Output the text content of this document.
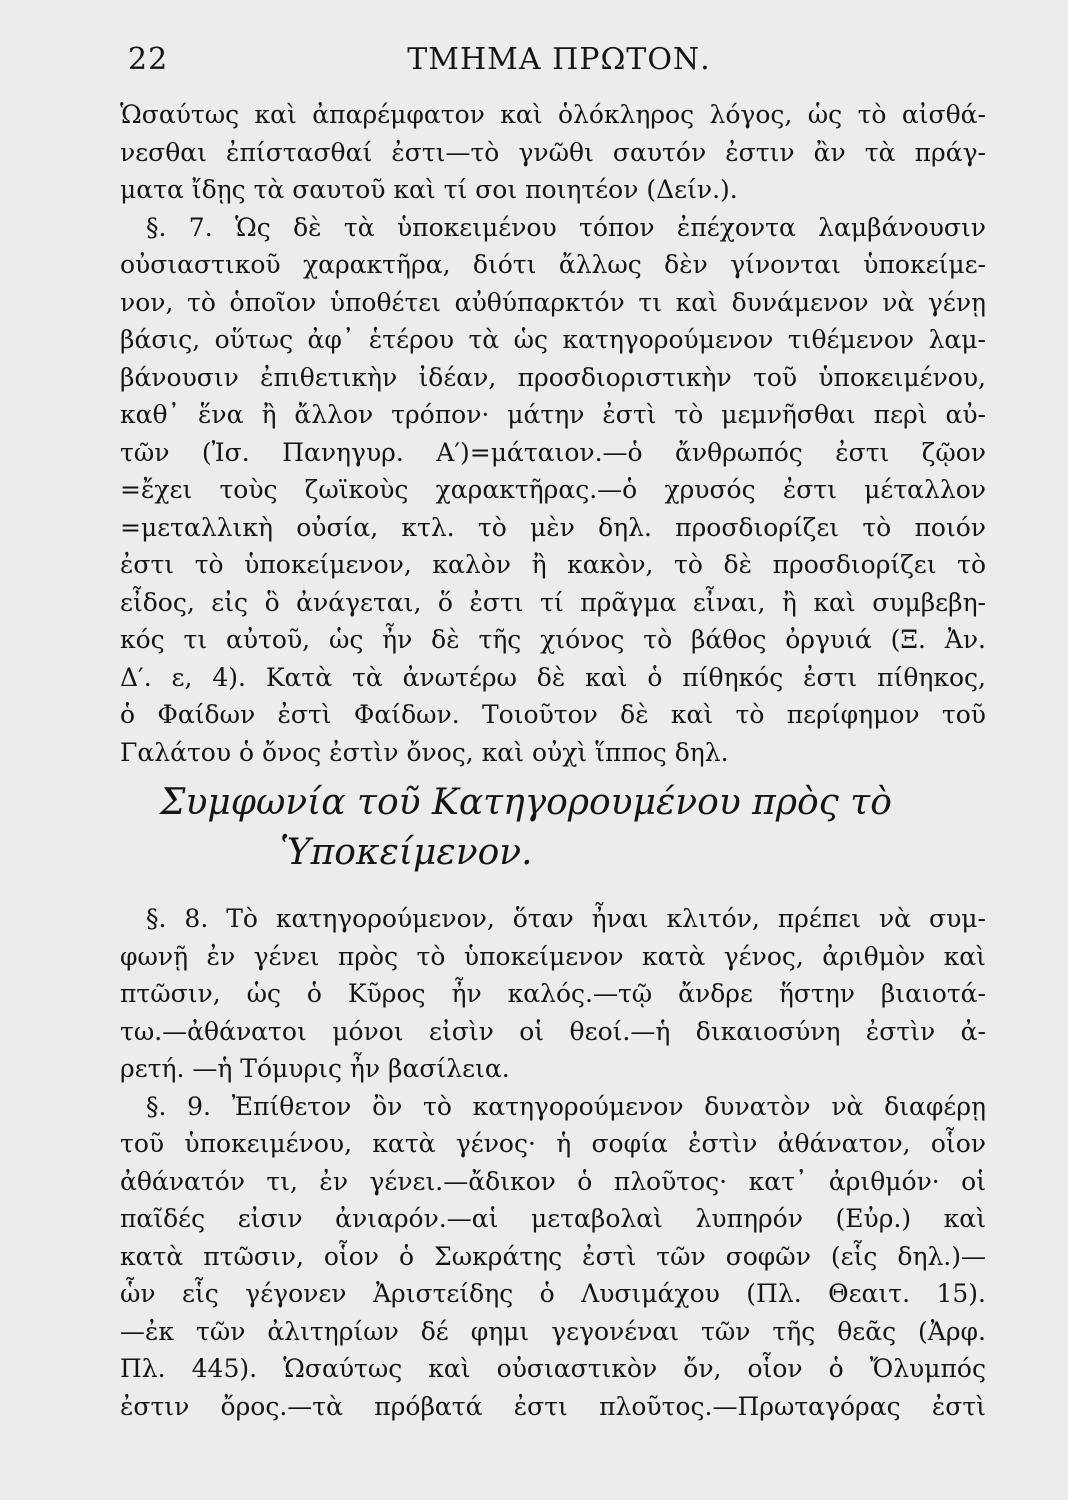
22	ΤΜΗΜΑ ΠΡΩΤΟΝ.
Ὡσαύτως καὶ ἀπαρέμφατον καὶ ὁλόκληρος λόγος, ὡς τὸ αἰσθά-
νεσθαι ἐπίστασθαί ἐστι—τὸ γνῶθι σαυτόν ἐστιν ἂν τὰ πράγ-
ματα ἴδῃς τὰ σαυτοῦ καὶ τί σοι ποιητέον (Δείν.).
§. 7. Ὡς δὲ τὰ ὑποκειμένου τόπον ἐπέχοντα λαμβάνουσιν
οὐσιαστικοῦ χαρακτῆρα, διότι ἄλλως δὲν γίνονται ὑποκείμε-
νον, τὸ ὁποῖον ὑποθέτει αὐθύπαρκτόν τι καὶ δυνάμενον νὰ γένῃ
βάσις, οὕτως ἀφ᾽ ἑτέρου τὰ ὡς κατηγορούμενον τιθέμενον λαμ-
βάνουσιν ἐπιθετικὴν ἰδέαν, προσδιοριστικὴν τοῦ ὑποκειμένου,
καθ᾽ ἕνα ἢ ἄλλον τρόπον· μάτην ἐστὶ τὸ μεμνῆσθαι περὶ αὐ-
τῶν (Ἰσ. Πανηγυρ. Α′)=μάταιον.—ὁ ἄνθρωπός ἐστι ζῷον
=ἔχει τοὺς ζωϊκοὺς χαρακτῆρας.—ὁ χρυσός ἐστι μέταλλον
=μεταλλικὴ οὐσία, κτλ. τὸ μὲν δηλ. προσδιορίζει τὸ ποιόν
ἐστι τὸ ὑποκείμενον, καλὸν ἢ κακὸν, τὸ δὲ προσδιορίζει τὸ
εἶδος, εἰς ὃ ἀνάγεται, ὅ ἐστι τί πρᾶγμα εἶναι, ἢ καὶ συμβεβη-
κός τι αὐτοῦ, ὡς ἦν δὲ τῆς χιόνος τὸ βάθος ὀργυιά (Ξ. Ἀν.
Δ′. ε, 4). Κατὰ τὰ ἀνωτέρω δὲ καὶ ὁ πίθηκός ἐστι πίθηκος,
ὁ Φαίδων ἐστὶ Φαίδων. Τοιοῦτον δὲ καὶ τὸ περίφημον τοῦ
Γαλάτου ὁ ὄνος ἐστὶν ὄνος, καὶ οὐχὶ ἵππος δηλ.
Συμφωνία τοῦ Κατηγορουμένου πρὸς τὸ
Ὑποκείμενον.
§. 8. Τὸ κατηγορούμενον, ὅταν ἦναι κλιτόν, πρέπει νὰ συμ-
φωνῇ ἐν γένει πρὸς τὸ ὑποκείμενον κατὰ γένος, ἀριθμὸν καὶ
πτῶσιν, ὡς ὁ Κῦρος ἦν καλός.—τῷ ἄνδρε ἥστην βιαιοτά-
τω.—ἀθάνατοι μόνοι εἰσὶν οἱ θεοί.—ἡ δικαιοσύνη ἐστὶν ἀ-
ρετή. —ἡ Τόμυρις ἦν βασίλεια.
§. 9. Ἐπίθετον ὂν τὸ κατηγορούμενον δυνατὸν νὰ διαφέρῃ
τοῦ ὑποκειμένου, κατὰ γένος· ἡ σοφία ἐστὶν ἀθάνατον, οἷον
ἀθάνατόν τι, ἐν γένει.—ἄδικον ὁ πλοῦτος· κατ᾽ ἀριθμόν· οἱ
παῖδές εἰσιν ἀνιαρόν.—αἱ μεταβολαὶ λυπηρόν (Εὐρ.) καὶ
κατὰ πτῶσιν, οἷον ὁ Σωκράτης ἐστὶ τῶν σοφῶν (εἷς δηλ.)—
ὧν εἷς γέγονεν Ἀριστείδης ὁ Λυσιμάχου (Πλ. Θεαιτ. 15).
—ἐκ τῶν ἀλιτηρίων δέ φημι γεγονέναι τῶν τῆς θεᾶς (Ἀρφ.
Πλ. 445). Ὡσαύτως καὶ οὐσιαστικὸν ὄν, οἷον ὁ Ὄλυμπός
ἐστιν ὄρος.—τὰ πρόβατά ἐστι πλοῦτος.—Πρωταγόρας ἐστὶ
